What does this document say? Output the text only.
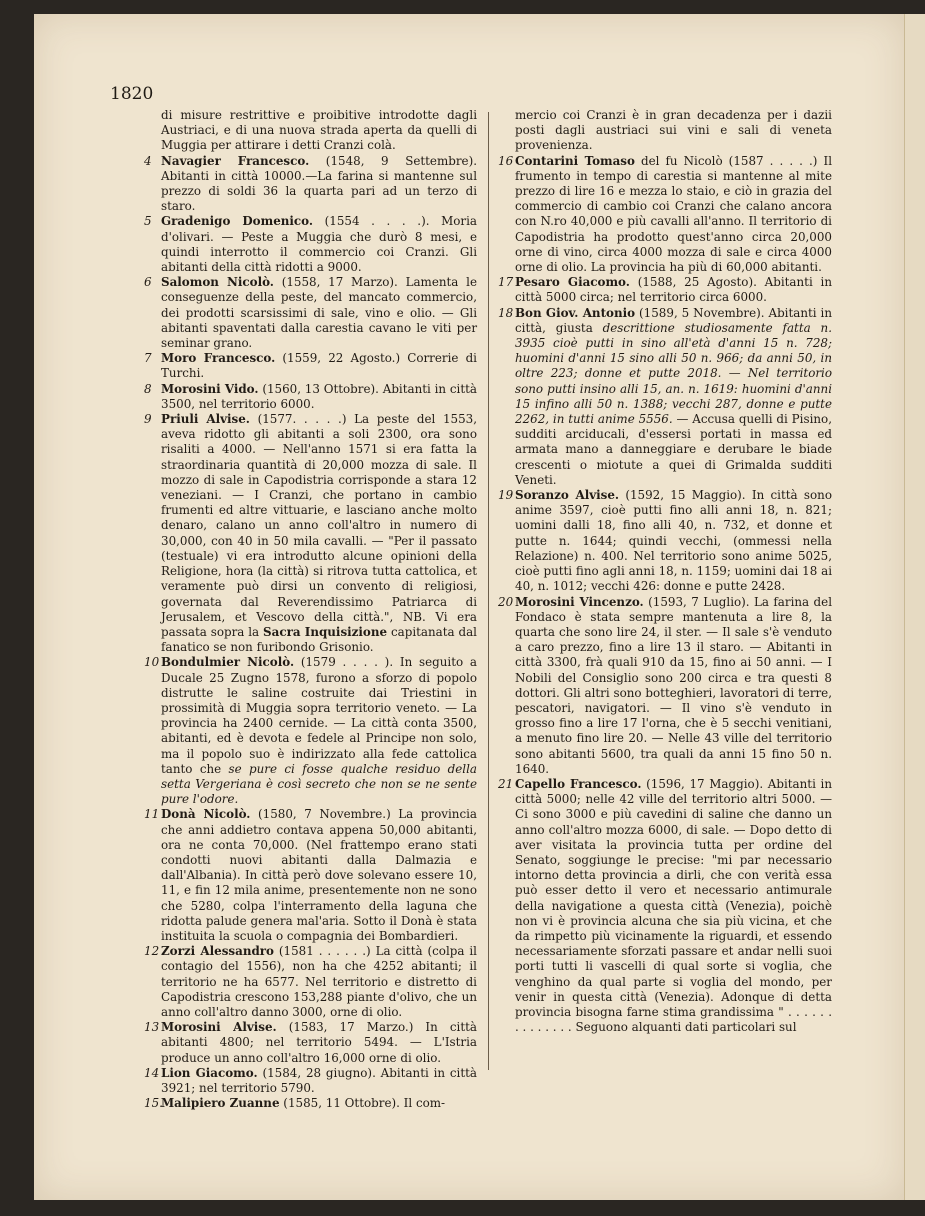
1820

di misure restrittive e proibitive introdotte dagli Austriaci, e di una nuova strada aperta da quelli di Muggia per attirare i detti Cranzi colà.

4 Navagier Francesco. (1548, 9 Settembre). Abitanti in città 10000.—La farina si mantenne sul prezzo di soldi 36 la quarta pari ad un terzo di staro.

5 Gradenigo Domenico. (1554 . . . .). Moria d'olivari. — Peste a Muggia che durò 8 mesi, e quindi interrotto il commercio coi Cranzi. Gli abitanti della città ridotti a 9000.

6 Salomon Nicolò. (1558, 17 Marzo). Lamenta le conseguenze della peste, del mancato commercio, dei prodotti scarsissimi di sale, vino e olio. — Gli abitanti spaventati dalla carestia cavano le viti per seminar grano.

7 Moro Francesco. (1559, 22 Agosto.) Correrie di Turchi.

8 Morosini Vido. (1560, 13 Ottobre). Abitanti in città 3500, nel territorio 6000.

9 Priuli Alvise. (1577. . . . .) La peste del 1553, aveva ridotto gli abitanti a soli 2300, ora sono risaliti a 4000. — Nell'anno 1571 si era fatta la straordinaria quantità di 20,000 mozza di sale. Il mozzo di sale in Capodistria corrisponde a stara 12 veneziani. — I Cranzi, che portano in cambio frumenti ed altre vittuarie, e lasciano anche molto denaro, calano un anno coll'altro in numero di 30,000, con 40 in 50 mila cavalli. — "Per il passato (testuale) vi era introdutto alcune opinioni della Religione, hora (la città) si ritrova tutta cattolica, et veramente può dirsi un convento di religiosi, governata dal Reverendissimo Patriarca di Jerusalem, et Vescovo della città.", NB. Vi era passata sopra la Sacra Inquisizione capitanata dal fanatico se non furibondo Grisonio.

10 Bondulmier Nicolò. (1579 . . . . ). In seguito a Ducale 25 Zugno 1578, furono a sforzo di popolo distrutte le saline costruite dai Triestini in prossimità di Muggia sopra territorio veneto. — La provincia ha 2400 cernide. — La città conta 3500, abitanti, ed è devota e fedele al Principe non solo, ma il popolo suo è indirizzato alla fede cattolica tanto che se pure ci fosse qualche residuo della setta Vergeriana è così secreto che non se ne sente pure l'odore.

11 Donà Nicolò. (1580, 7 Novembre.) La provincia che anni addietro contava appena 50,000 abitanti, ora ne conta 70,000. (Nel frattempo erano stati condotti nuovi abitanti dalla Dalmazia e dall'Albania). In città però dove solevano essere 10, 11, e fin 12 mila anime, presentemente non ne sono che 5280, colpa l'interramento della laguna che ridotta palude genera mal'aria. Sotto il Donà è stata instituita la scuola o compagnia dei Bombardieri.

12 Zorzi Alessandro (1581 . . . . . .) La città (colpa il contagio del 1556), non ha che 4252 abitanti; il territorio ne ha 6577. Nel territorio e distretto di Capodistria crescono 153,288 piante d'olivo, che un anno coll'altro danno 3000, orne di olio.

13 Morosini Alvise. (1583, 17 Marzo.) In città abitanti 4800; nel territorio 5494. — L'Istria produce un anno coll'altro 16,000 orne di olio.

14 Lion Giacomo. (1584, 28 giugno). Abitanti in città 3921; nel territorio 5790.

15.
Malipiero Zuanne (1585, 11 Ottobre). Il com-

mercio coi Cranzi è in gran decadenza per i dazii posti dagli austriaci sui vini e sali di veneta provenienza.

16 Contarini Tomaso del fu Nicolò (1587 . . . . .) Il frumento in tempo di carestia si mantenne al mite prezzo di lire 16 e mezza lo staio, e ciò in grazia del commercio di cambio coi Cranzi che calano ancora con N.ro 40,000 e più cavalli all'anno. Il territorio di Capodistria ha prodotto quest'anno circa 20,000 orne di vino, circa 4000 mozza di sale e circa 4000 orne di olio. La provincia ha più di 60,000 abitanti.

17 Pesaro Giacomo. (1588, 25 Agosto). Abitanti in città 5000 circa; nel territorio circa 6000.

18 Bon Giov. Antonio (1589, 5 Novembre). Abitanti in città, giusta descrittione studiosamente fatta n. 3935 cioè putti in sino all'età d'anni 15 n. 728; huomini d'anni 15 sino alli 50 n. 966; da anni 50, in oltre 223; donne et putte 2018. — Nel territorio sono putti insino alli 15, an. n. 1619: huomini d'anni 15 infino alli 50 n. 1388; vecchi 287, donne e putte 2262, in tutti anime 5556. — Accusa quelli di Pisino, sudditi arciducali, d'essersi portati in massa ed armata mano a danneggiare e derubare le biade crescenti o miotute a quei di Grimalda sudditi Veneti.

19 Soranzo Alvise. (1592, 15 Maggio). In città sono anime 3597, cioè putti fino alli anni 18, n. 821; uomini dalli 18, fino alli 40, n. 732, et donne et putte n. 1644; quindi vecchi, (ommessi nella Relazione) n. 400. Nel territorio sono anime 5025, cioè putti fino agli anni 18, n. 1159; uomini dai 18 ai 40, n. 1012; vecchi 426: donne e putte 2428.

20 Morosini Vincenzo. (1593, 7 Luglio). La farina del Fondaco è stata sempre mantenuta a lire 8, la quarta che sono lire 24, il ster. — Il sale s'è venduto a caro prezzo, fino a lire 13 il staro. — Abitanti in città 3300, frà quali 910 da 15, fino ai 50 anni. — I Nobili del Consiglio sono 200 circa e tra questi 8 dottori. Gli altri sono botteghieri, lavoratori di terre, pescatori, navigatori. — Il vino s'è venduto in grosso fino a lire 17 l'orna, che è 5 secchi venitiani, a menuto fino lire 20. — Nelle 43 ville del territorio sono abitanti 5600, tra quali da anni 15 fino 50 n. 1640.

21 Capello Francesco. (1596, 17 Maggio). Abitanti in città 5000; nelle 42 ville del territorio altri 5000. — Ci sono 3000 e più cavedini di saline che danno un anno coll'altro mozza 6000, di sale. — Dopo detto di aver visitata la provincia tutta per ordine del Senato, soggiunge le precise: "mi par necessario intorno detta provincia a dirli, che con verità essa può esser detto il vero et necessario antimurale della navigatione a questa città (Venezia), poichè non vi è provincia alcuna che sia più vicina, et che da rimpetto più vicinamente la riguardi, et essendo necessariamente sforzati passare et andar nelli suoi porti tutti li vascelli di qual sorte si voglia, che venghino da qual parte si voglia del mondo, per venir in questa città (Venezia). Adonque di detta provincia bisogna farne stima grandissima " . . . . . . . . . . . . . . Seguono alquanti dati particolari sul
